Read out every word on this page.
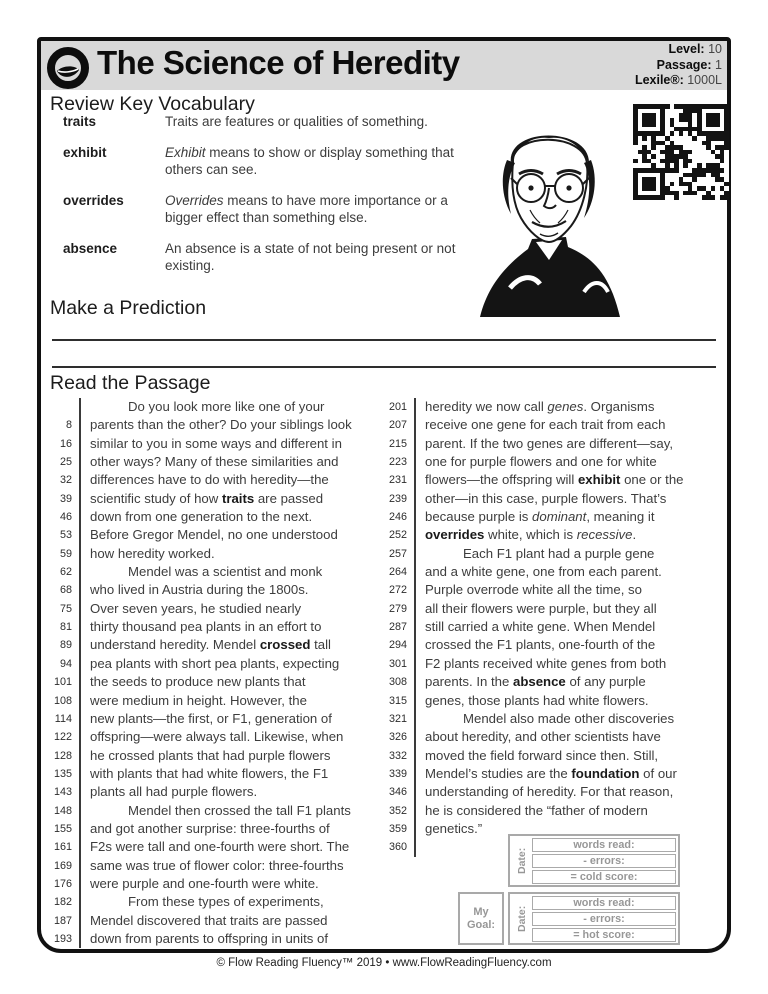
The Science of Heredity	Level: 10
Passage: 1
Lexile®: 1000L
Review Key Vocabulary
traits	Traits are features or qualities of something.
exhibit	Exhibit means to show or display something that others can see.
overrides	Overrides means to have more importance or a bigger effect than something else.
absence	An absence is a state of not being present or not existing.
Make a Prediction
Read the Passage
Do you look more like one of your
8	parents than the other? Do your siblings look
16	similar to you in some ways and different in
25	other ways? Many of these similarities and
32	differences have to do with heredity—the
39	scientific study of how traits are passed
46	down from one generation to the next.
53	Before Gregor Mendel, no one understood
59	how heredity worked.
62	Mendel was a scientist and monk
68	who lived in Austria during the 1800s.
75	Over seven years, he studied nearly
81	thirty thousand pea plants in an effort to
89	understand heredity. Mendel crossed tall
94	pea plants with short pea plants, expecting
101	the seeds to produce new plants that
108	were medium in height. However, the
114	new plants—the first, or F1, generation of
122	offspring—were always tall. Likewise, when
128	he crossed plants that had purple flowers
135	with plants that had white flowers, the F1
143	plants all had purple flowers.
148	Mendel then crossed the tall F1 plants
155	and got another surprise: three-fourths of
161	F2s were tall and one-fourth were short. The
169	same was true of flower color: three-fourths
176	were purple and one-fourth were white.
182	From these types of experiments,
187	Mendel discovered that traits are passed
193	down from parents to offspring in units of
201	heredity we now call genes. Organisms
207	receive one gene for each trait from each
215	parent. If the two genes are different—say,
223	one for purple flowers and one for white
231	flowers—the offspring will exhibit one or the
239	other—in this case, purple flowers. That’s
246	because purple is dominant, meaning it
252	overrides white, which is recessive.
257	Each F1 plant had a purple gene
264	and a white gene, one from each parent.
272	Purple overrode white all the time, so
279	all their flowers were purple, but they all
287	still carried a white gene. When Mendel
294	crossed the F1 plants, one-fourth of the
301	F2 plants received white genes from both
308	parents. In the absence of any purple
315	genes, those plants had white flowers.
321	Mendel also made other discoveries
326	about heredity, and other scientists have
332	moved the field forward since then. Still,
339	Mendel’s studies are the foundation of our
346	understanding of heredity. For that reason,
352	he is considered the “father of modern
359	genetics.”
360
Date:
words read:
- errors:
= cold score:
My Goal:	Date:
words read:
- errors:
= hot score:
© Flow Reading Fluency™ 2019 • www.FlowReadingFluency.com
